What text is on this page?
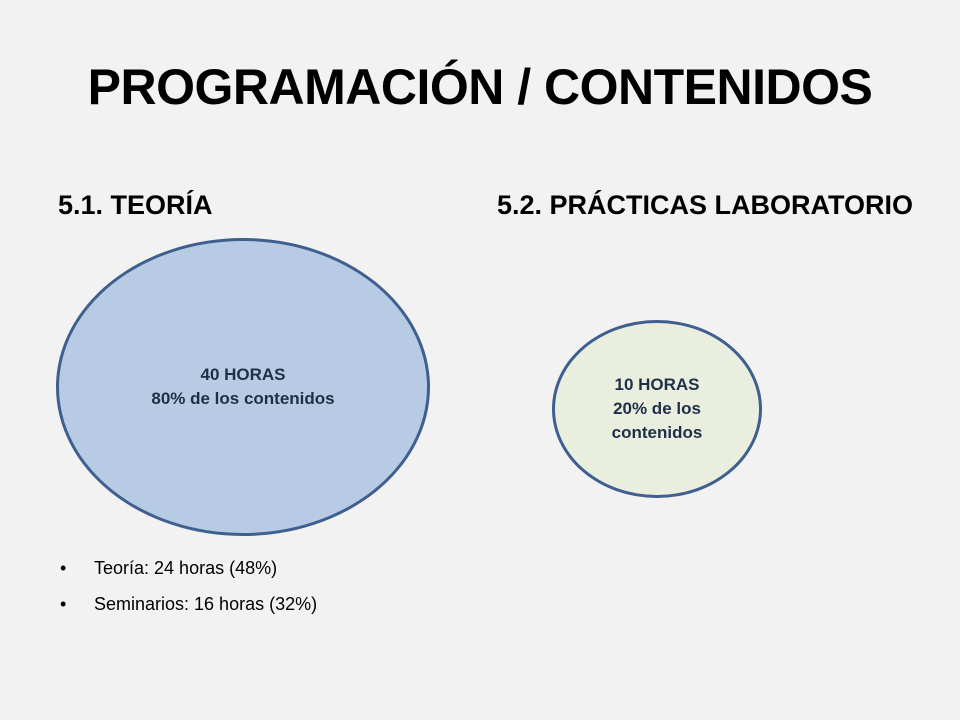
PROGRAMACIÓN / CONTENIDOS
5.1. TEORÍA	5.2. PRÁCTICAS LABORATORIO
40 HORAS
80% de los contenidos
10 HORAS
20% de los
contenidos
• Teoría: 24 horas (48%)
• Seminarios: 16 horas (32%)
